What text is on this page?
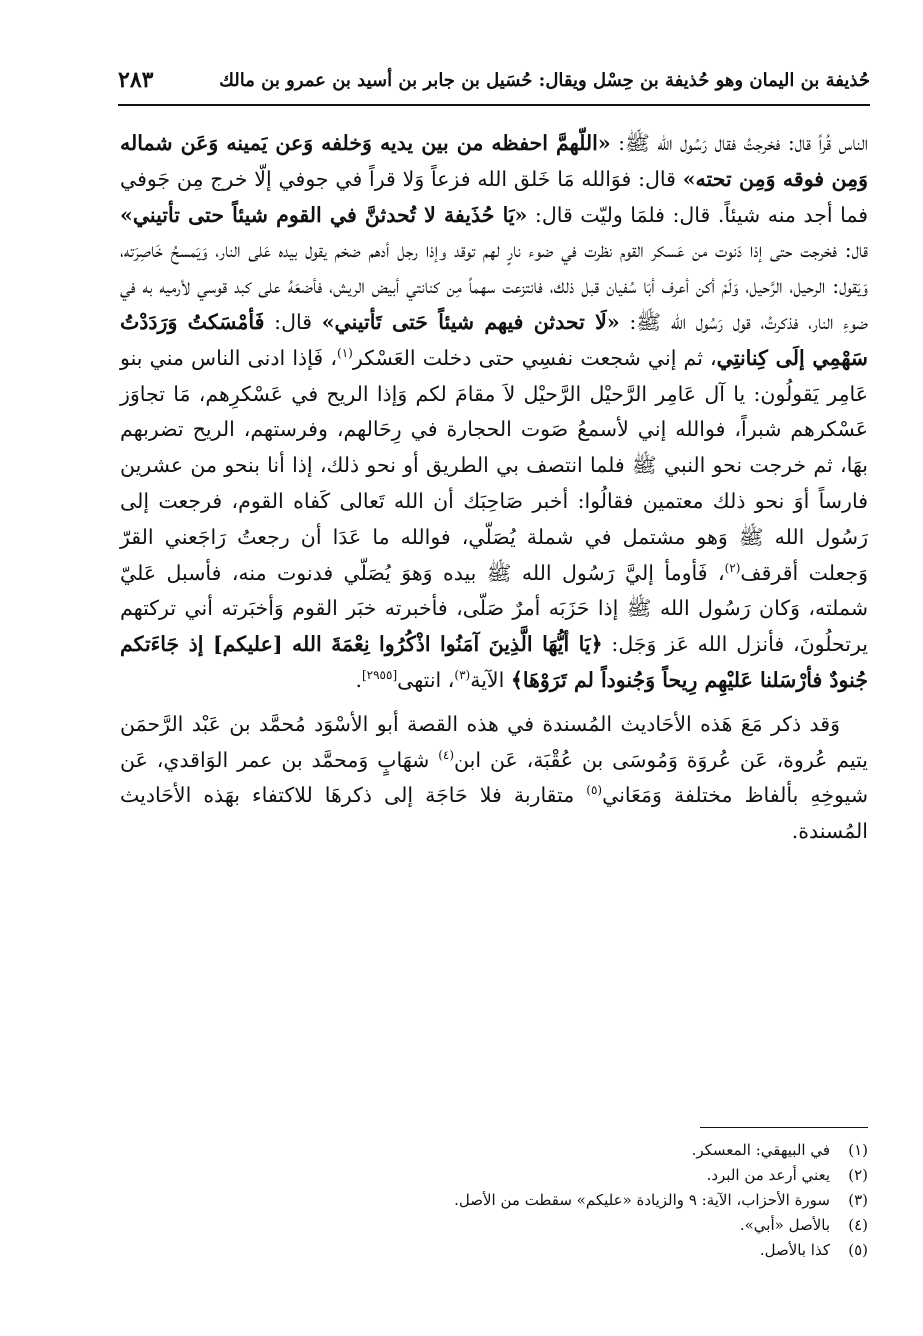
حُذيفة بن اليمان وهو حُذيفة بن حِسْل ويقال: حُسَيل بن جابر بن أسيد بن عمرو بن مالك
٢٨٣

الناس قُراً قال: فخرجتُ فقال رَسُول الله ﷺ: «اللّهمَّ احفظه من بين يديه وَخلفه وَعن يَمينه وَعَن شماله وَمِن فوقه وَمِن تحته» قال: فوَالله مَا خَلق الله فزعاً وَلا قراً في جوفي إلّا خرج مِن جَوفي فما أجد منه شيئاً. قال: فلمَا وليّت قال: «يَا حُذَيفة لا تُحدثنَّ في القوم شيئاً حتى تأتيني» قال: فخرجت حتى إذا دَنوت من عَسكر القوم نظرت في ضوء نارٍ لهم توقد وإذا رجل أدهم ضخم يقول بيده عَلى النار، وَيَمسحُ خَاصِرَته، وَيَقول: الرحيل، الرَّحيل، وَلَمْ أكن أعرف أبَا سُفيان قبل ذلك، فانتزعت سهماً مِن كنانتي أبيض الريش، فأضعَهُ على كبد قوسي لأرميه به في ضوءِ النار، فذكرتُ، قول رَسُول الله ﷺ: «لَا تحدثن فيهم شيئاً حَتى تَأتيني» قال: فَأمْسَكتُ وَرَدَدْتُ سَهْمِي إلَى كِنانتِي، ثم إني شجعت نفسِي حتى دخلت العَسْكر$^{(١)}$، فَإذا ادنى الناس مني بنو عَامِر يَقولُون: يا آل عَامِر الرَّحيْل الرَّحيْل لاَ مقامَ لكم وَإذا الريح في عَسْكرِهم، مَا تجاوَز عَسْكرهم شبراً، فوالله إني لأسمعُ صَوت الحجارة في رِحَالهم، وفرستهم، الريح تضربهم بهَا، ثم خرجت نحو النبي ﷺ فلما انتصف بي الطريق أو نحو ذلك، إذا أنا بنحو من عشرين فارساً أوَ نحو ذلك معتمين فقالُوا: أخبر صَاحِبَك أن الله تَعالى كَفاه القوم، فرجعت إلى رَسُول الله ﷺ وَهو مشتمل في شملة يُصَلّي، فوالله ما عَدَا أن رجعتُ رَاجَعني القرّ وَجعلت أقرقف$^{(٢)}$، فَأومأ إليَّ رَسُول الله ﷺ بيده وَهوَ يُصَلّي فدنوت منه، فأسبل عَليّ شملته، وَكان رَسُول الله ﷺ إذا حَزَبَه أمرٌ صَلّى، فأخبرته خبَر القوم وَأخبَرته أني تركتهم يرتحلُونَ، فأنزل الله عَز وَجَل: ﴿يَا أيُّهَا الَّذِينَ آمَنُوا اذْكُرُوا نِعْمَةَ الله [عليكم] إذ جَاءَتكم جُنودٌ فأرْسَلنا عَليْهِم رِيحاً وَجُنوداً لم تَرَوْهَا﴾ الآية$^{(٣)}$، انتهى[٢٩٥٥].

وَقد ذكر مَعَ هَذه الأحَاديث المُسندة في هذه القصة أبو الأسْوَد مُحمَّد بن عَبْد الرَّحمَن يتيم عُروة، عَن عُروَة وَمُوسَى بن عُقْبَة، عَن ابن$^{(٤)}$ شهَابٍ وَمحمَّد بن عمر الوَاقدي، عَن شيوخِهِ بألفاظ مختلفة وَمَعَاني$^{(٥)}$ متقاربة فلا حَاجَة إلى ذكرهَا للاكتفاء بهَذه الأحَاديث المُسندة.

(١)
في البيهقي: المعسكر.
(٢)
يعني أرعد من البرد.
(٣)
سورة الأحزاب، الآية: ٩ والزيادة «عليكم» سقطت من الأصل.
(٤)
بالأصل «أبي».
(٥)
كذا بالأصل.
